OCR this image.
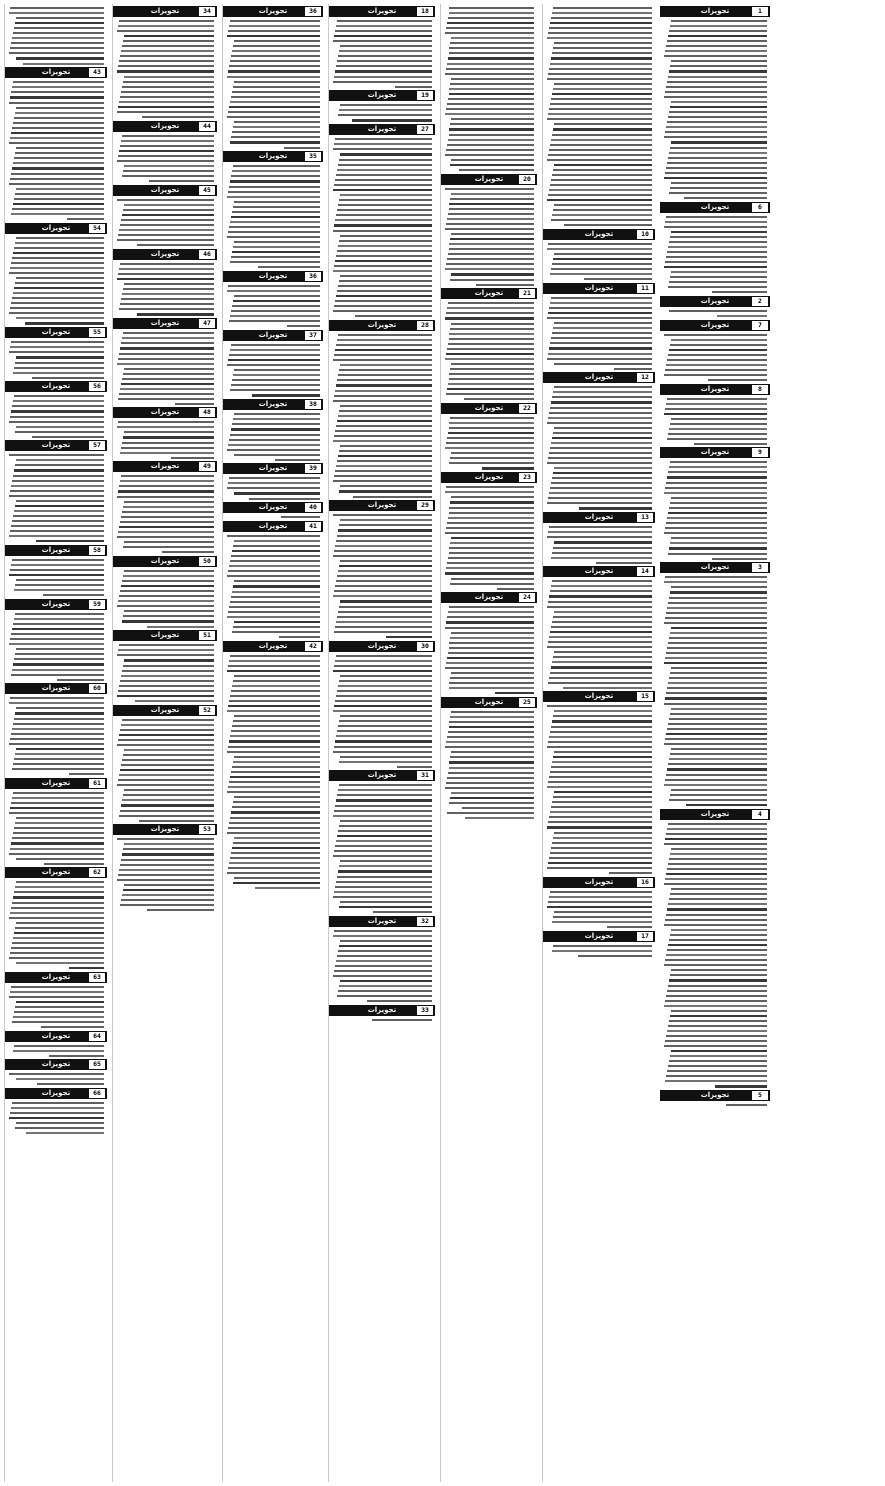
1
تجویزات
6
تجویزات
2
تجویزات
7
تجویزات
8
تجویزات
9
تجویزات
3
تجویزات
4
تجویزات
5
تجویزات
10
تجویزات
11
تجویزات
12
تجویزات
13
تجویزات
14
تجویزات
15
تجویزات
16
تجویزات
17
تجویزات
20
تجویزات
21
تجویزات
22
تجویزات
23
تجویزات
24
تجویزات
25
تجویزات
18
تجویزات
19
تجویزات
27
تجویزات
28
تجویزات
29
تجویزات
30
تجویزات
31
تجویزات
32
تجویزات
33
تجویزات
36
تجویزات
35
تجویزات
36
تجویزات
37
تجویزات
38
تجویزات
39
تجویزات
40
تجویزات
41
تجویزات
42
تجویزات
34
تجویزات
44
تجویزات
45
تجویزات
46
تجویزات
47
تجویزات
48
تجویزات
49
تجویزات
50
تجویزات
51
تجویزات
52
تجویزات
53
تجویزات
43
تجویزات
54
تجویزات
55
تجویزات
56
تجویزات
57
تجویزات
58
تجویزات
59
تجویزات
60
تجویزات
61
تجویزات
62
تجویزات
63
تجویزات
64
تجویزات
65
تجویزات
66
تجویزات
